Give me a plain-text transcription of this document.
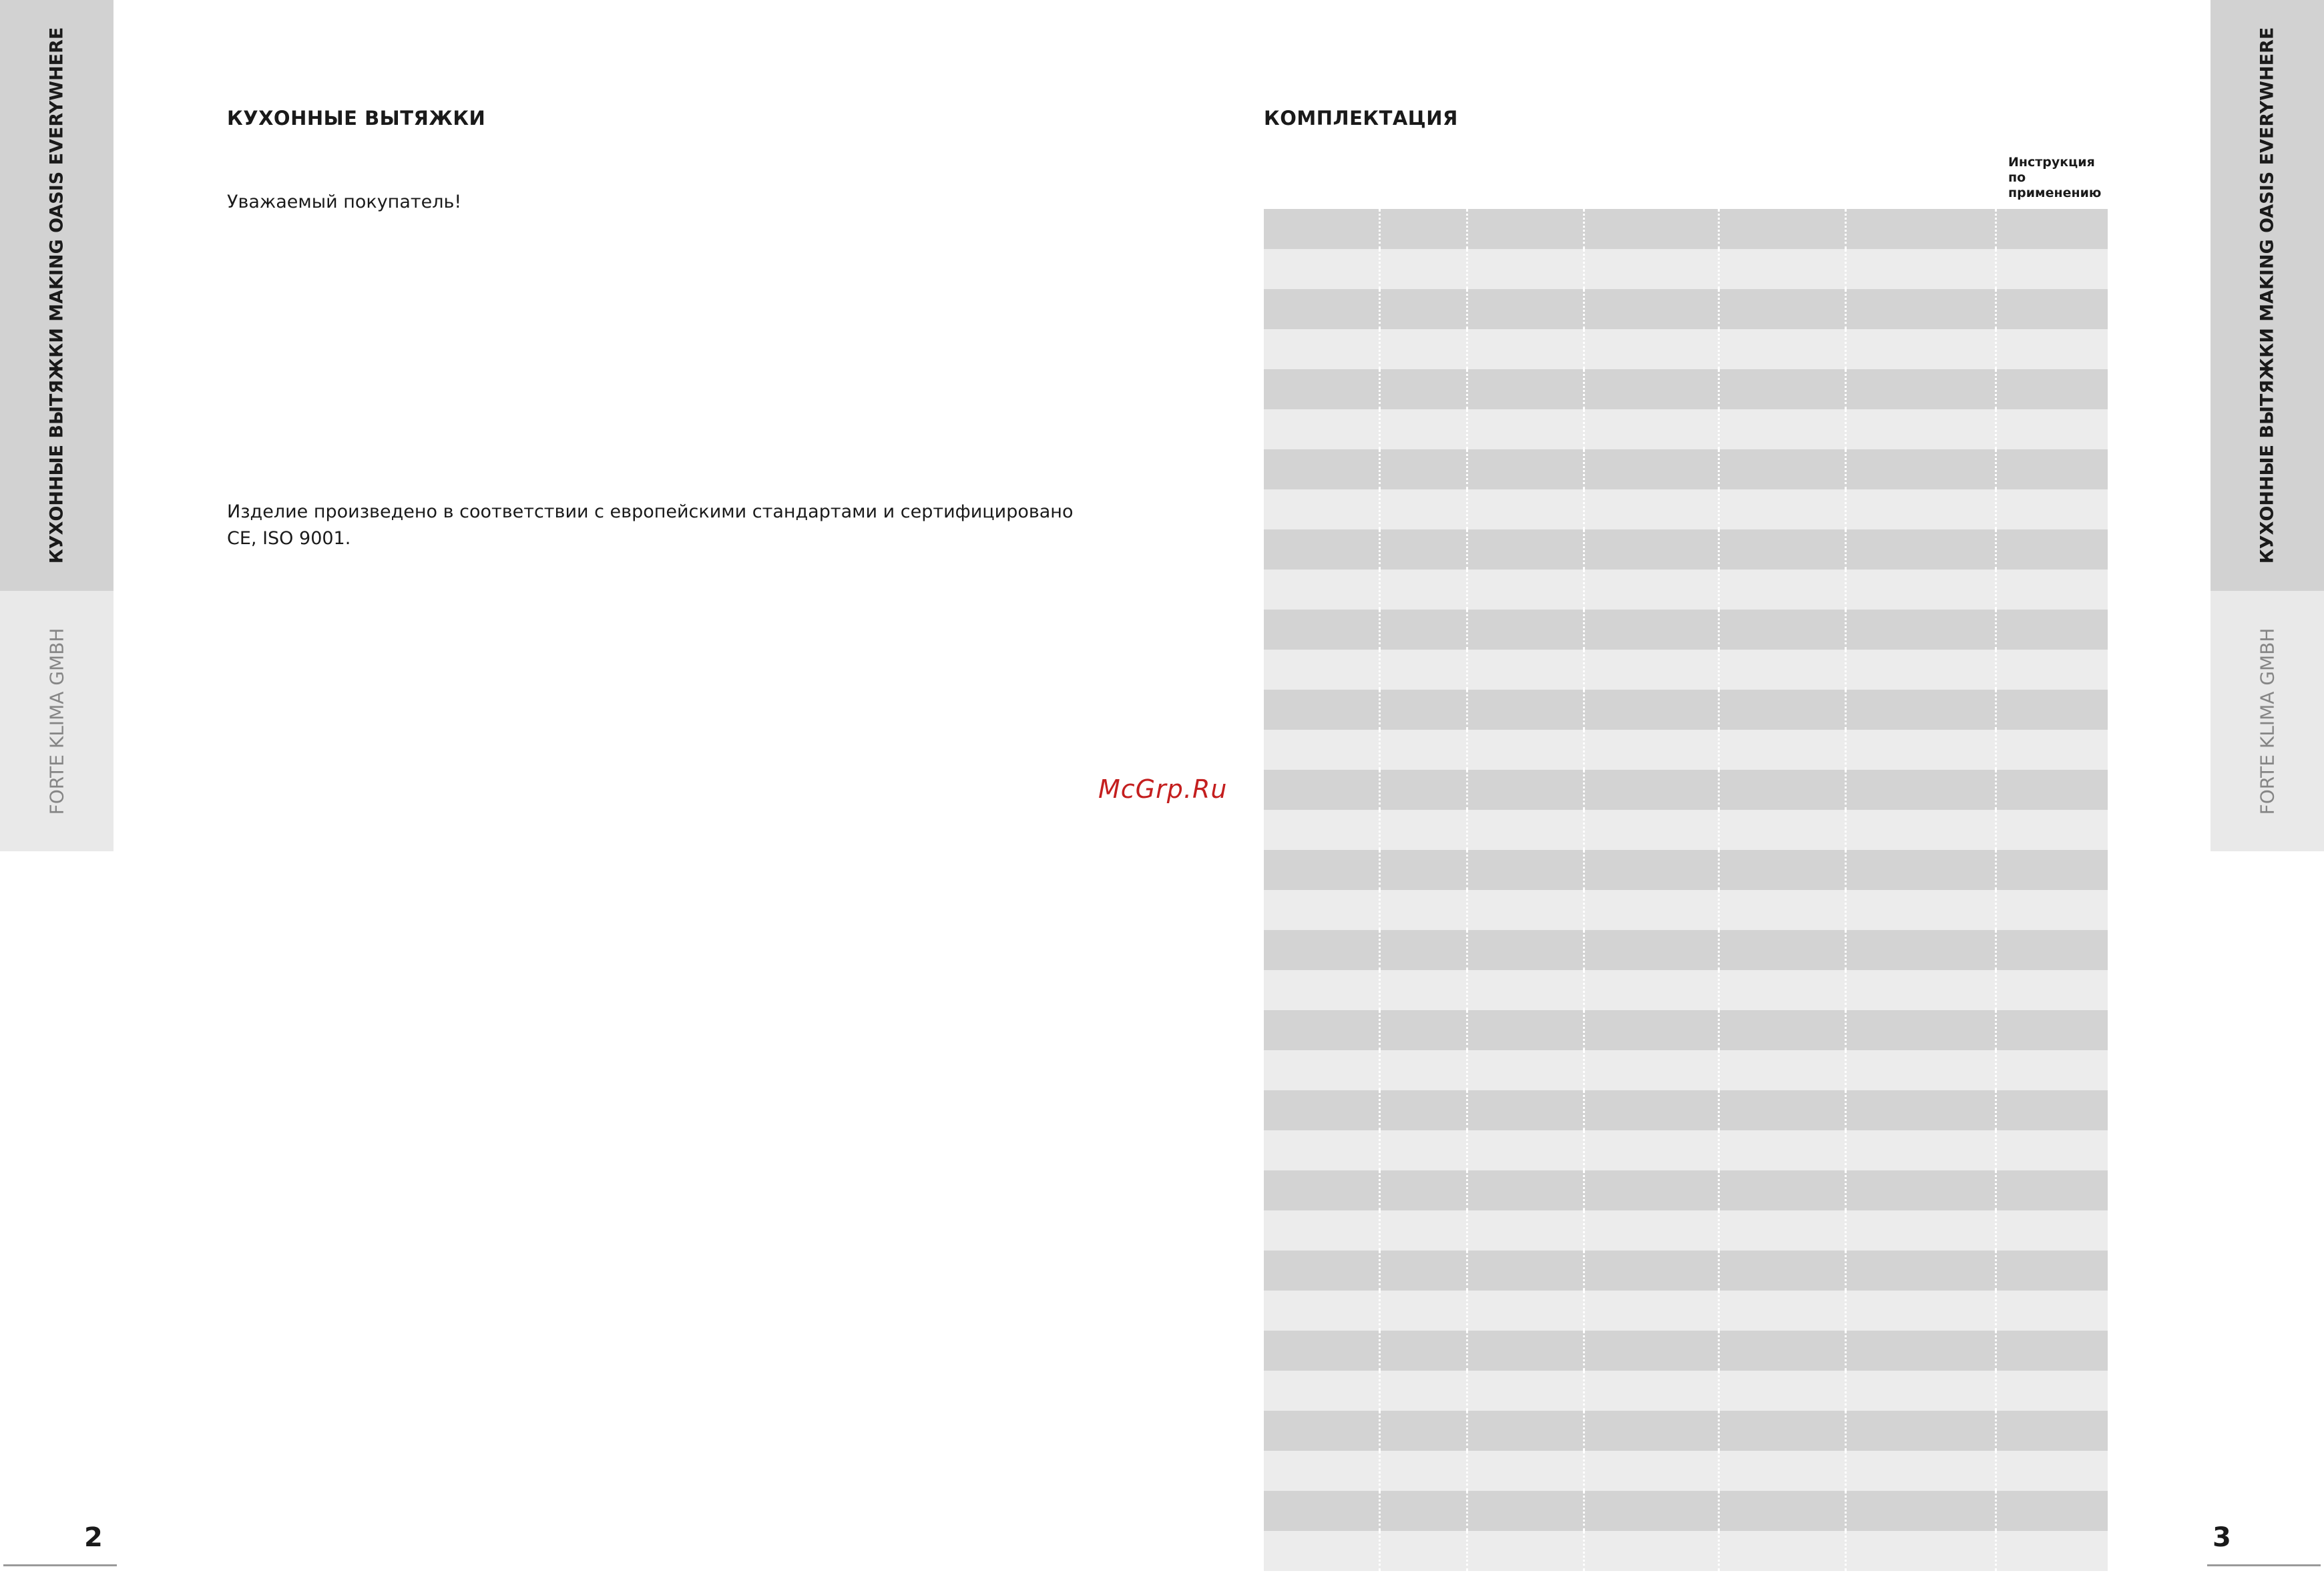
КУХОННЫЕ ВЫТЯЖКИ MAKING OASIS EVERYWHERE
FORTE KLIMA GMBH
КУХОННЫЕ ВЫТЯЖКИ MAKING OASIS EVERYWHERE
FORTE KLIMA GMBH
КУХОННЫЕ ВЫТЯЖКИ
Уважаемый покупатель!
Изделие произведено в соответствии с европейскими стандартами и сертифицировано
CE, ISO 9001.
McGrp.Ru
КОМПЛЕКТАЦИЯ
Инструкция
по
применению
2	3
